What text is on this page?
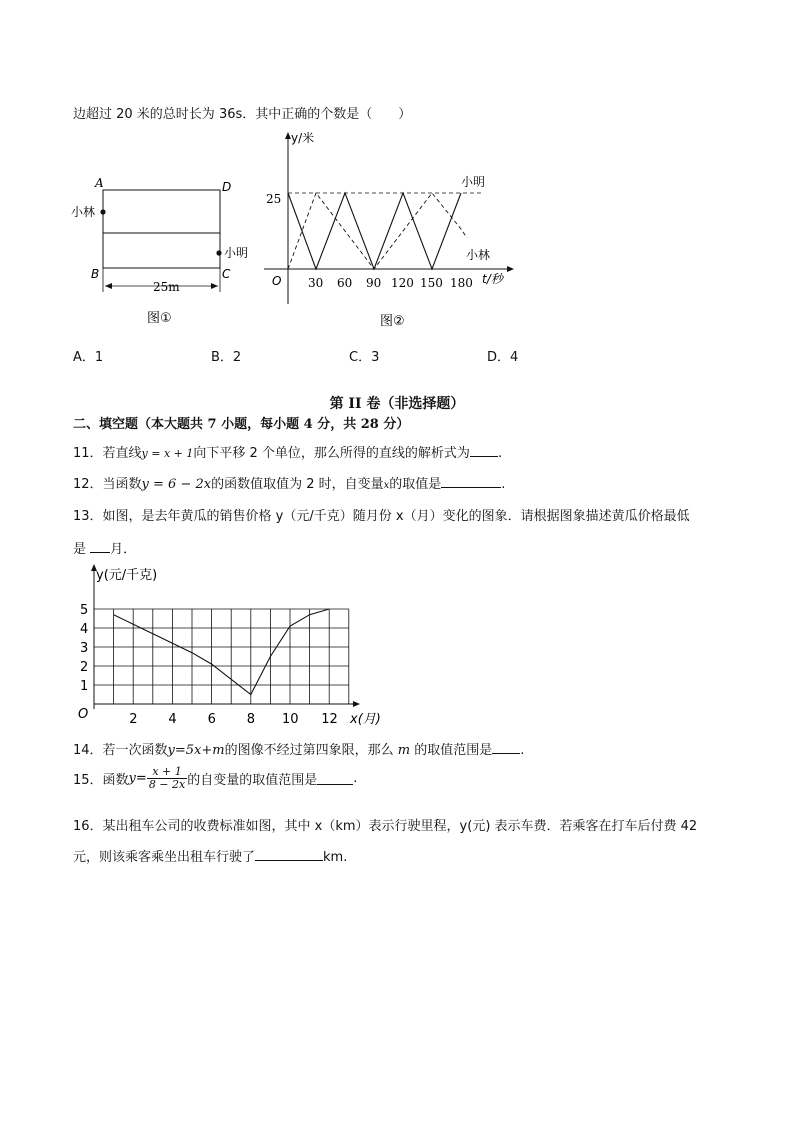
边超过 20 米的总时长为 36s．其中正确的个数是（　　）
A	D
B	C
小林
小明
25m
图①
y/米
25
O 30 60 90 120 150 180 t/秒
小明
小林
图②
A．1	B．2	C．3	D．4
第 II 卷（非选择题）
二、填空题（本大题共 7 小题，每小题 4 分，共 28 分）
11．若直线y = x + 1向下平移 2 个单位，那么所得的直线的解析式为 .
12．当函数y = 6 − 2x的函数值取值为 2 时，自变量x的取值是	.
13．如图，是去年黄瓜的销售价格 y（元/千克）随月份 x（月）变化的图象．请根据图象描述黄瓜价格最低
是 月．
1
2
3
4
5
2 4 6 8 10 12
y(元/千克)
x(月)
O
14．若一次函数y=5x+m的图像不经过第四象限，那么 m 的取值范围是 .
15．函数$y= \frac{x + 1}{8 - 2x}$ 的自变量的取值范围是	.
16．某出租车公司的收费标准如图，其中 x（km）表示行驶里程，y(元) 表示车费．若乘客在打车后付费 42
元，则该乘客乘坐出租车行驶了	km.
